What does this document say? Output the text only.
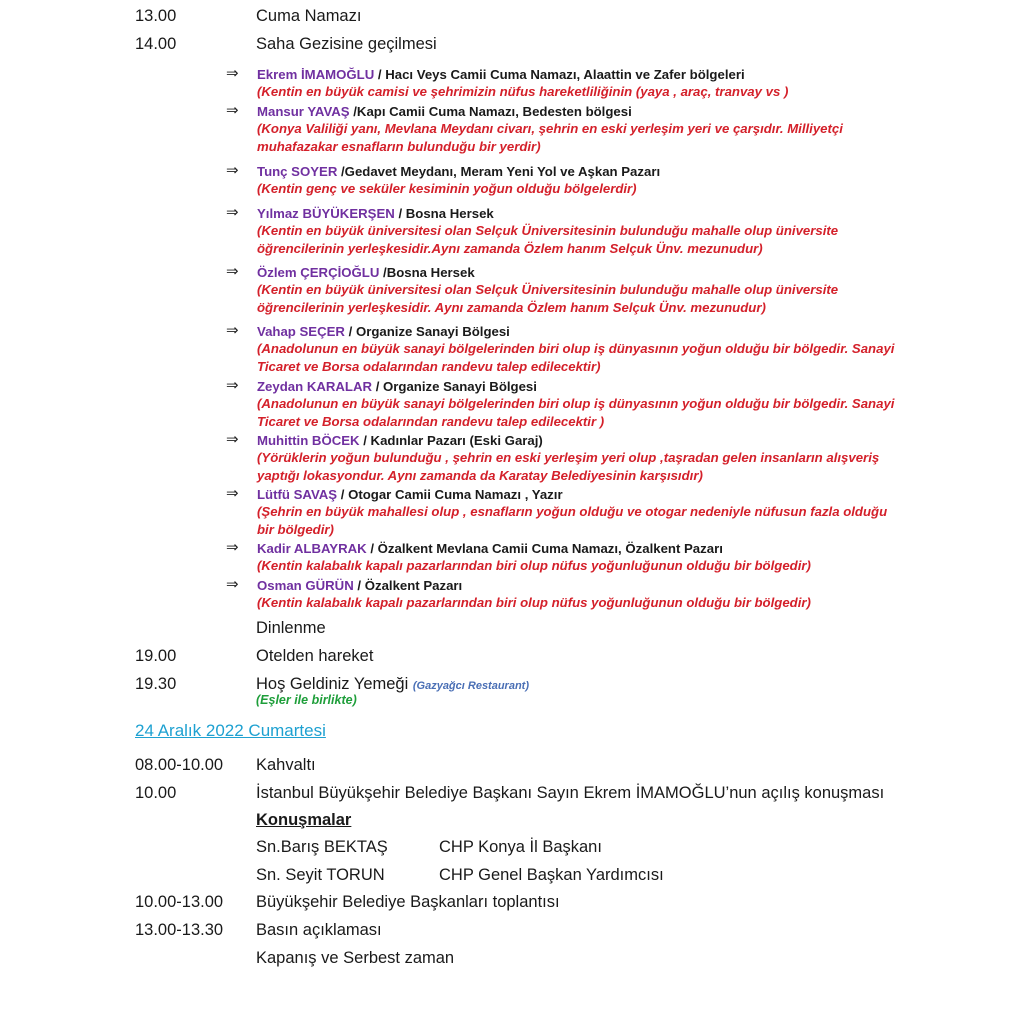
13.00	Cuma Namazı
14.00	Saha Gezisine geçilmesi
⇒ Ekrem İMAMOĞLU / Hacı Veys Camii Cuma Namazı, Alaattin ve Zafer bölgeleri
(Kentin en büyük camisi ve şehrimizin nüfus hareketliliğinin (yaya , araç, tranvay vs )
⇒ Mansur YAVAŞ /Kapı Camii Cuma Namazı, Bedesten bölgesi
(Konya Valiliği yanı, Mevlana Meydanı civarı, şehrin en eski yerleşim yeri ve çarşıdır. Milliyetçi
muhafazakar esnafların bulunduğu bir yerdir)
⇒ Tunç SOYER /Gedavet Meydanı, Meram Yeni Yol ve Aşkan Pazarı
(Kentin genç ve seküler kesiminin yoğun olduğu bölgelerdir)
⇒ Yılmaz BÜYÜKERŞEN / Bosna Hersek
(Kentin en büyük üniversitesi olan Selçuk Üniversitesinin bulunduğu mahalle olup üniversite
öğrencilerinin yerleşkesidir.Aynı zamanda Özlem hanım Selçuk Ünv. mezunudur)
⇒ Özlem ÇERÇİOĞLU /Bosna Hersek
(Kentin en büyük üniversitesi olan Selçuk Üniversitesinin bulunduğu mahalle olup üniversite
öğrencilerinin yerleşkesidir. Aynı zamanda Özlem hanım Selçuk Ünv. mezunudur)
⇒ Vahap SEÇER / Organize Sanayi Bölgesi
(Anadolunun en büyük sanayi bölgelerinden biri olup iş dünyasının yoğun olduğu bir bölgedir. Sanayi
Ticaret ve Borsa odalarından randevu talep edilecektir)
⇒ Zeydan KARALAR / Organize Sanayi Bölgesi
(Anadolunun en büyük sanayi bölgelerinden biri olup iş dünyasının yoğun olduğu bir bölgedir. Sanayi
Ticaret ve Borsa odalarından randevu talep edilecektir )
⇒ Muhittin BÖCEK / Kadınlar Pazarı (Eski Garaj)
(Yörüklerin yoğun bulunduğu , şehrin en eski yerleşim yeri olup ,taşradan gelen insanların alışveriş
yaptığı lokasyondur. Aynı zamanda da Karatay Belediyesinin karşısıdır)
⇒ Lütfü SAVAŞ / Otogar Camii Cuma Namazı , Yazır
(Şehrin en büyük mahallesi olup , esnafların yoğun olduğu ve otogar nedeniyle nüfusun fazla olduğu
bir bölgedir)
⇒ Kadir ALBAYRAK / Özalkent Mevlana Camii Cuma Namazı, Özalkent Pazarı
(Kentin kalabalık kapalı pazarlarından biri olup nüfus yoğunluğunun olduğu bir bölgedir)
⇒ Osman GÜRÜN / Özalkent Pazarı
(Kentin kalabalık kapalı pazarlarından biri olup nüfus yoğunluğunun olduğu bir bölgedir)
Dinlenme
19.00	Otelden hareket
19.30	Hoş Geldiniz Yemeği (Gazyağcı Restaurant)
(Eşler ile birlikte)
24 Aralık 2022 Cumartesi
08.00-10.00	Kahvaltı
10.00	İstanbul Büyükşehir Belediye Başkanı Sayın Ekrem İMAMOĞLU’nun açılış konuşması
Konuşmalar
Sn.Barış BEKTAŞ	CHP Konya İl Başkanı
Sn. Seyit TORUN	CHP Genel Başkan Yardımcısı
10.00-13.00	Büyükşehir Belediye Başkanları toplantısı
13.00-13.30	Basın açıklaması
Kapanış ve Serbest zaman
